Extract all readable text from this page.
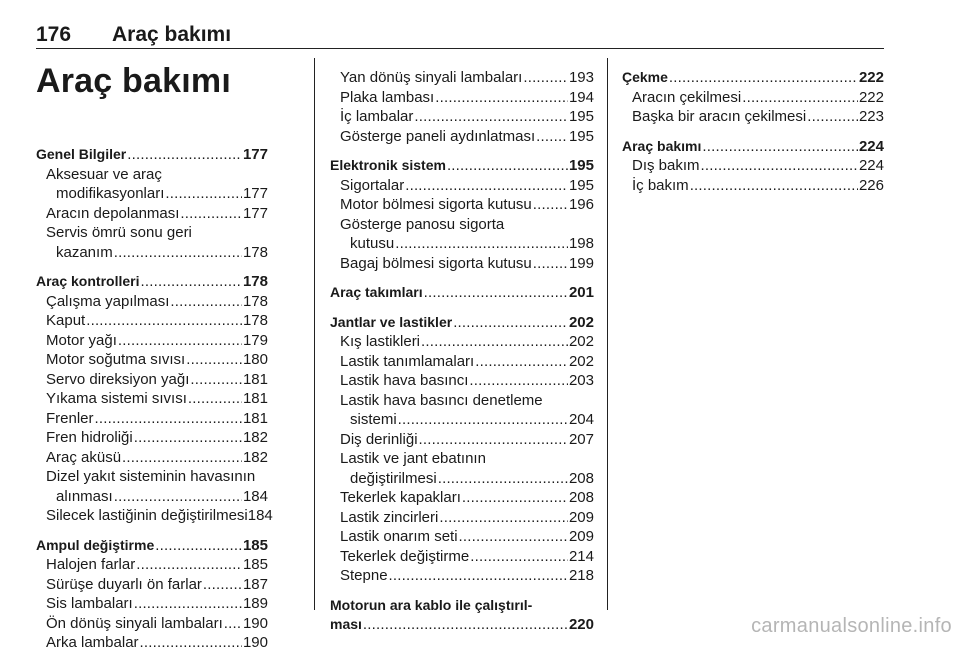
176 Araç bakımı
Araç bakımı
Genel Bilgiler .....	177
Aksesuar ve araç
modifikasyonları .....	177
Aracın depolanması .....	177
Servis ömrü sonu geri
kazanım .....	178
Araç kontrolleri .....	178
Çalışma yapılması .....	178
Kaput .....	178
Motor yağı .....	179
Motor soğutma sıvısı .....	180
Servo direksiyon yağı .....	181
Yıkama sistemi sıvısı .....	181
Frenler .....	181
Fren hidroliği .....	182
Araç aküsü .....	182
Dizel yakıt sisteminin havasının
alınması .....	184
Silecek lastiğinin değiştirilmesi 184
Ampul değiştirme .....	185
Halojen farlar .....	185
Sürüşe duyarlı ön farlar .....	187
Sis lambaları .....	189
Ön dönüş sinyali lambaları ..... 190
Arka lambalar .....	190
Yan dönüş sinyali lambaları .....	193
Plaka lambası .....	194
İç lambalar .....	195
Gösterge paneli aydınlatması ..... 195
Elektronik sistem .....	195
Sigortalar .....	195
Motor bölmesi sigorta kutusu ..... 196
Gösterge panosu sigorta
kutusu .....	198
Bagaj bölmesi sigorta kutusu ..... 199
Araç takımları .....	201
Jantlar ve lastikler .....	202
Kış lastikleri .....	202
Lastik tanımlamaları .....	202
Lastik hava basıncı .....	203
Lastik hava basıncı denetleme
sistemi .....	204
Diş derinliği .....	207
Lastik ve jant ebatının
değiştirilmesi .....	208
Tekerlek kapakları .....	208
Lastik zincirleri .....	209
Lastik onarım seti .....	209
Tekerlek değiştirme .....	214
Stepne .....	218
Motorun ara kablo ile çalıştırıl-
ması .....	220
Çekme .....	222
Aracın çekilmesi .....	222
Başka bir aracın çekilmesi .....	223
Araç bakımı .....	224
Dış bakım .....	224
İç bakım .....	226
carmanualsonline.info
